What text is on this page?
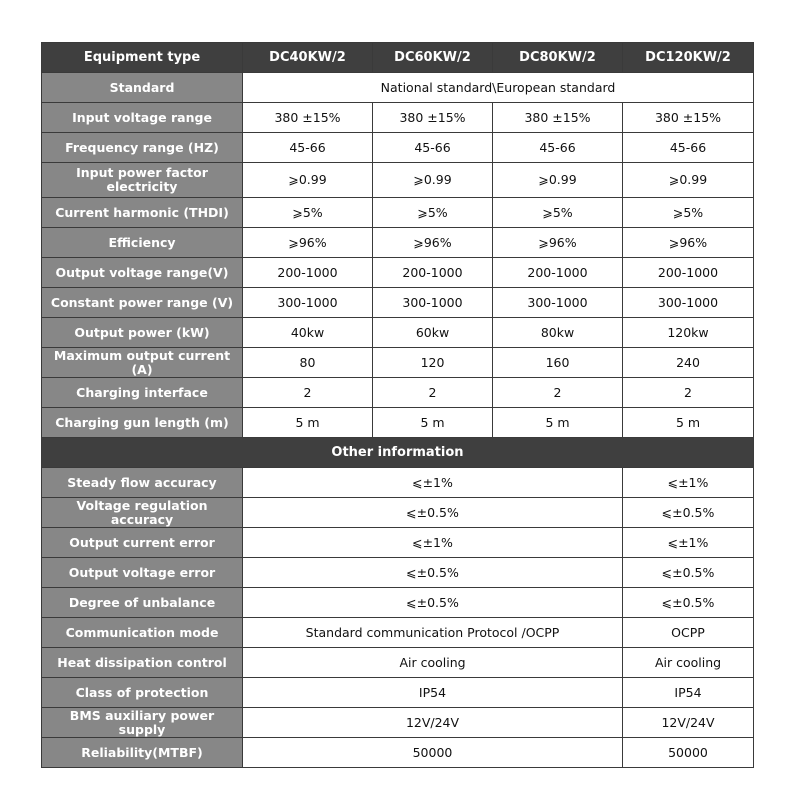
Equipment type	DC40KW/2	DC60KW/2	DC80KW/2	DC120KW/2
Standard	National standard\European standard			
Input voltage range	380 ±15%	380 ±15%	380 ±15%	380 ±15%
Frequency range (HZ)	45-66	45-66	45-66	45-66
Input power factor electricity	⩾0.99	⩾0.99	⩾0.99	⩾0.99
Current harmonic (THDI)	⩾5%	⩾5%	⩾5%	⩾5%
Efficiency	⩾96%	⩾96%	⩾96%	⩾96%
Output voltage range(V)	200-1000	200-1000	200-1000	200-1000
Constant power range (V)	300-1000	300-1000	300-1000	300-1000
Output power (kW)	40kw	60kw	80kw	120kw
Maximum output current (A)	80	120	160	240
Charging interface	2	2	2	2
Charging gun length (m)	5 m	5 m	5 m	5 m
Other information				
Steady flow accuracy	⩽±1%			⩽±1%
Voltage regulation accuracy	⩽±0.5%			⩽±0.5%
Output current error	⩽±1%			⩽±1%
Output voltage error	⩽±0.5%			⩽±0.5%
Degree of unbalance	⩽±0.5%			⩽±0.5%
Communication mode	Standard communication Protocol /OCPP			OCPP
Heat dissipation control	Air cooling			Air cooling
Class of protection	IP54			IP54
BMS auxiliary power supply	12V/24V			12V/24V
Reliability(MTBF)	50000			50000
